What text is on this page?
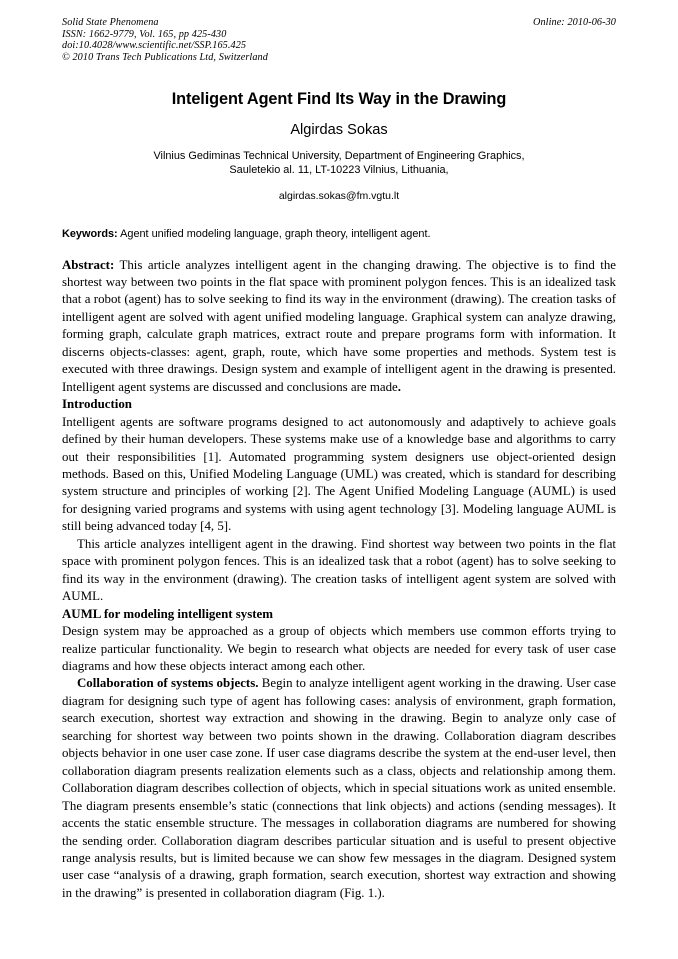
Solid State Phenomena
ISSN: 1662-9779, Vol. 165, pp 425-430
doi:10.4028/www.scientific.net/SSP.165.425
© 2010 Trans Tech Publications Ltd, Switzerland
Online: 2010-06-30
Inteligent Agent Find Its Way in the Drawing
Algirdas Sokas
Vilnius Gediminas Technical University, Department of Engineering Graphics,
Sauletekio al. 11, LT-10223 Vilnius, Lithuania,
algirdas.sokas@fm.vgtu.lt
Keywords: Agent unified modeling language, graph theory, intelligent agent.

Abstract: This article analyzes intelligent agent in the changing drawing. The objective is to find the shortest way between two points in the flat space with prominent polygon fences. This is an idealized task that a robot (agent) has to solve seeking to find its way in the environment (drawing). The creation tasks of intelligent agent are solved with agent unified modeling language. Graphical system can analyze drawing, forming graph, calculate graph matrices, extract route and prepare programs form with information. It discerns objects-classes: agent, graph, route, which have some properties and methods. System test is executed with three drawings. Design system and example of intelligent agent in the drawing is presented. Intelligent agent systems are discussed and conclusions are made.

Introduction

Intelligent agents are software programs designed to act autonomously and adaptively to achieve goals defined by their human developers. These systems make use of a knowledge base and algorithms to carry out their responsibilities [1]. Automated programming system designers use object-oriented design methods. Based on this, Unified Modeling Language (UML) was created, which is standard for describing system structure and principles of working [2]. The Agent Unified Modeling Language (AUML) is used for designing varied programs and systems with using agent technology [3]. Modeling language AUML is still being advanced today [4, 5].

This article analyzes intelligent agent in the drawing. Find shortest way between two points in the flat space with prominent polygon fences. This is an idealized task that a robot (agent) has to solve seeking to find its way in the environment (drawing). The creation tasks of intelligent agent system are solved with AUML.

AUML for modeling intelligent system

Design system may be approached as a group of objects which members use common efforts trying to realize particular functionality. We begin to research what objects are needed for every task of user case diagrams and how these objects interact among each other.

Collaboration of systems objects. Begin to analyze intelligent agent working in the drawing. User case diagram for designing such type of agent has following cases: analysis of environment, graph formation, search execution, shortest way extraction and showing in the drawing. Begin to analyze only case of searching for shortest way between two points shown in the drawing. Collaboration diagram describes objects behavior in one user case zone. If user case diagrams describe the system at the end-user level, then collaboration diagram presents realization elements such as a class, objects and relationship among them. Collaboration diagram describes collection of objects, which in special situations work as united ensemble. The diagram presents ensemble’s static (connections that link objects) and actions (sending messages). It accents the static ensemble structure. The messages in collaboration diagrams are numbered for showing the sending order. Collaboration diagram describes particular situation and is useful to present objective range analysis results, but is limited because we can show few messages in the diagram. Designed system user case “analysis of a drawing, graph formation, search execution, shortest way extraction and showing in the drawing” is presented in collaboration diagram (Fig. 1.).
